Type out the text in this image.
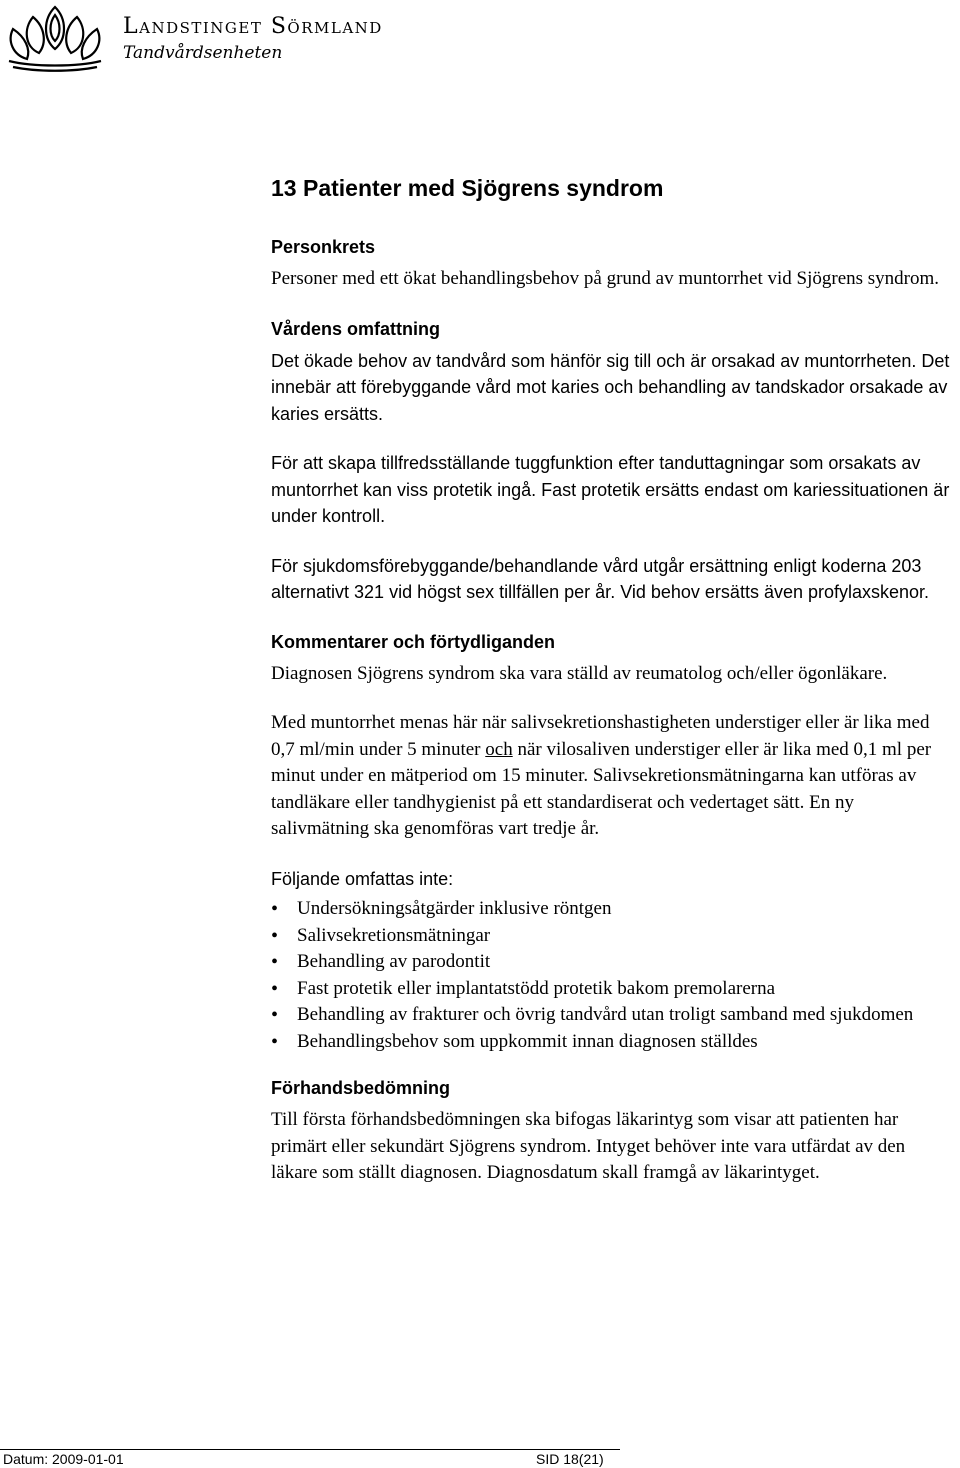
Landstinget Sörmland
Tandvårdsenheten
13 Patienter med Sjögrens syndrom
Personkrets

Personer med ett ökat behandlingsbehov på grund av muntorrhet vid Sjögrens syndrom.

Vårdens omfattning

Det ökade behov av tandvård som hänför sig till och är orsakad av muntorrheten. Det innebär att förebyggande vård mot karies och behandling av tandskador orsakade av karies ersätts.

För att skapa tillfredsställande tuggfunktion efter tanduttagningar som orsakats av muntorrhet kan viss protetik ingå. Fast protetik ersätts endast om kariessituationen är under kontroll.

För sjukdomsförebyggande/behandlande vård utgår ersättning enligt koderna 203 alternativt 321 vid högst sex tillfällen per år. Vid behov ersätts även profylaxskenor.

Kommentarer och förtydliganden

Diagnosen Sjögrens syndrom ska vara ställd av reumatolog och/eller ögonläkare.

Med muntorrhet menas här när salivsekretionshastigheten understiger eller är lika med 0,7 ml/min under 5 minuter och när vilosaliven understiger eller är lika med 0,1 ml per minut under en mätperiod om 15 minuter. Salivsekretionsmätningarna kan utföras av tandläkare eller tandhygienist på ett standardiserat och vedertaget sätt. En ny salivmätning ska genomföras vart tredje år.

Följande omfattas inte:

• Undersökningsåtgärder inklusive röntgen
• Salivsekretionsmätningar
• Behandling av parodontit
• Fast protetik eller implantatstödd protetik bakom premolarerna
• Behandling av frakturer och övrig tandvård utan troligt samband med sjukdomen
• Behandlingsbehov som uppkommit innan diagnosen ställdes
Förhandsbedömning

Till första förhandsbedömningen ska bifogas läkarintyg som visar att patienten har primärt eller sekundärt Sjögrens syndrom. Intyget behöver inte vara utfärdat av den läkare som ställt diagnosen. Diagnosdatum skall framgå av läkarintyget.

Datum: 2009-01-01	SID 18(21)
